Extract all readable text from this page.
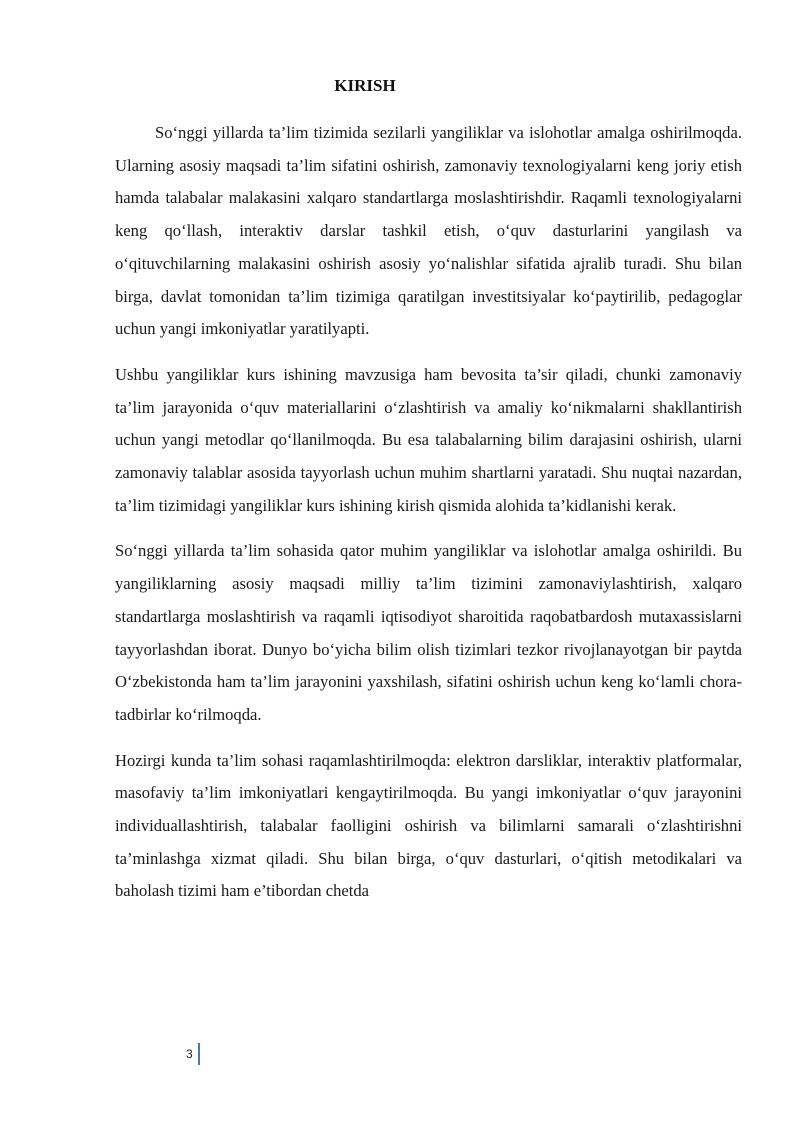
KIRISH

So‘nggi yillarda ta’lim tizimida sezilarli yangiliklar va islohotlar amalga oshirilmoqda. Ularning asosiy maqsadi ta’lim sifatini oshirish, zamonaviy texnologiyalarni keng joriy etish hamda talabalar malakasini xalqaro standartlarga moslashtirishdir. Raqamli texnologiyalarni keng qo‘llash, interaktiv darslar tashkil etish, o‘quv dasturlarini yangilash va o‘qituvchilarning malakasini oshirish asosiy yo‘nalishlar sifatida ajralib turadi. Shu bilan birga, davlat tomonidan ta’lim tizimiga qaratilgan investitsiyalar ko‘paytirilib, pedagoglar uchun yangi imkoniyatlar yaratilyapti.

Ushbu yangiliklar kurs ishining mavzusiga ham bevosita ta’sir qiladi, chunki zamonaviy ta’lim jarayonida o‘quv materiallarini o‘zlashtirish va amaliy ko‘nikmalarni shakllantirish uchun yangi metodlar qo‘llanilmoqda. Bu esa talabalarning bilim darajasini oshirish, ularni zamonaviy talablar asosida tayyorlash uchun muhim shartlarni yaratadi. Shu nuqtai nazardan, ta’lim tizimidagi yangiliklar kurs ishining kirish qismida alohida ta’kidlanishi kerak.

So‘nggi yillarda ta’lim sohasida qator muhim yangiliklar va islohotlar amalga oshirildi. Bu yangiliklarning asosiy maqsadi milliy ta’lim tizimini zamonaviylashtirish, xalqaro standartlarga moslashtirish va raqamli iqtisodiyot sharoitida raqobatbardosh mutaxassislarni tayyorlashdan iborat. Dunyo bo‘yicha bilim olish tizimlari tezkor rivojlanayotgan bir paytda O‘zbekistonda ham ta’lim jarayonini yaxshilash, sifatini oshirish uchun keng ko‘lamli chora-tadbirlar ko‘rilmoqda.

Hozirgi kunda ta’lim sohasi raqamlashtirilmoqda: elektron darsliklar, interaktiv platformalar, masofaviy ta’lim imkoniyatlari kengaytirilmoqda. Bu yangi imkoniyatlar o‘quv jarayonini individuallashtirish, talabalar faolligini oshirish va bilimlarni samarali o‘zlashtirishni ta’minlashga xizmat qiladi. Shu bilan birga, o‘quv dasturlari, o‘qitish metodikalari va baholash tizimi ham e’tibordan chetda

3
